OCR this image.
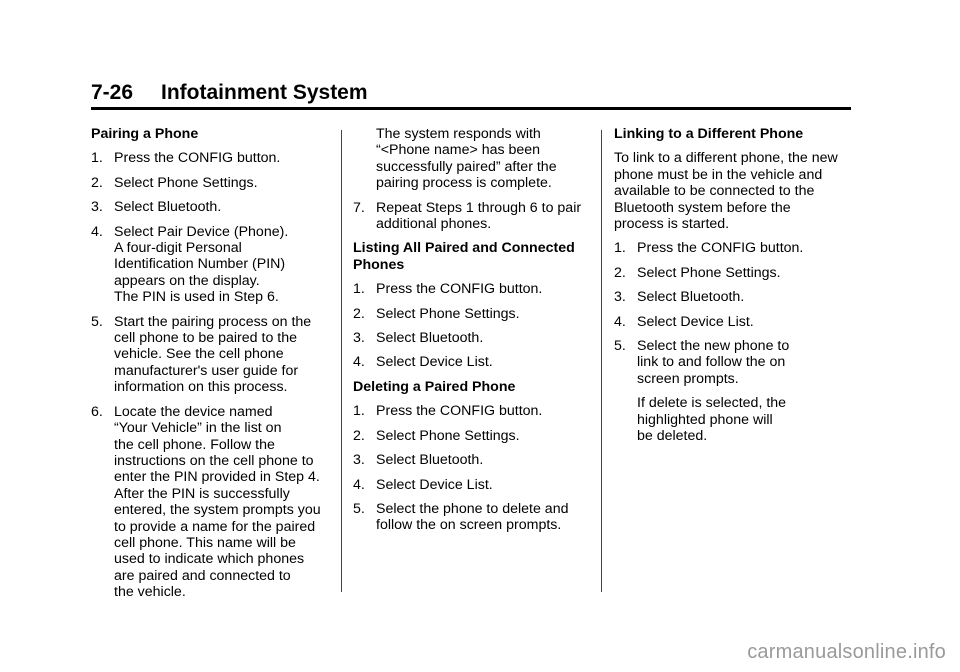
7-26 Infotainment System
Pairing a Phone
1. Press the CONFIG button.
2. Select Phone Settings.
3. Select Bluetooth.
4. Select Pair Device (Phone).
A four-digit Personal
Identification Number (PIN)
appears on the display.
The PIN is used in Step 6.
5. Start the pairing process on the
cell phone to be paired to the
vehicle. See the cell phone
manufacturer's user guide for
information on this process.
6. Locate the device named
“Your Vehicle” in the list on
the cell phone. Follow the
instructions on the cell phone to
enter the PIN provided in Step 4.
After the PIN is successfully
entered, the system prompts you
to provide a name for the paired
cell phone. This name will be
used to indicate which phones
are paired and connected to
the vehicle.
The system responds with
“<Phone name> has been
successfully paired” after the
pairing process is complete.
7. Repeat Steps 1 through 6 to pair
additional phones.
Listing All Paired and Connected
Phones
1. Press the CONFIG button.
2. Select Phone Settings.
3. Select Bluetooth.
4. Select Device List.
Deleting a Paired Phone
1. Press the CONFIG button.
2. Select Phone Settings.
3. Select Bluetooth.
4. Select Device List.
5. Select the phone to delete and
follow the on screen prompts.
Linking to a Different Phone
To link to a different phone, the new
phone must be in the vehicle and
available to be connected to the
Bluetooth system before the
process is started.
1. Press the CONFIG button.
2. Select Phone Settings.
3. Select Bluetooth.
4. Select Device List.
5. Select the new phone to
link to and follow the on
screen prompts.
If delete is selected, the
highlighted phone will
be deleted.
carmanualsonline.info
